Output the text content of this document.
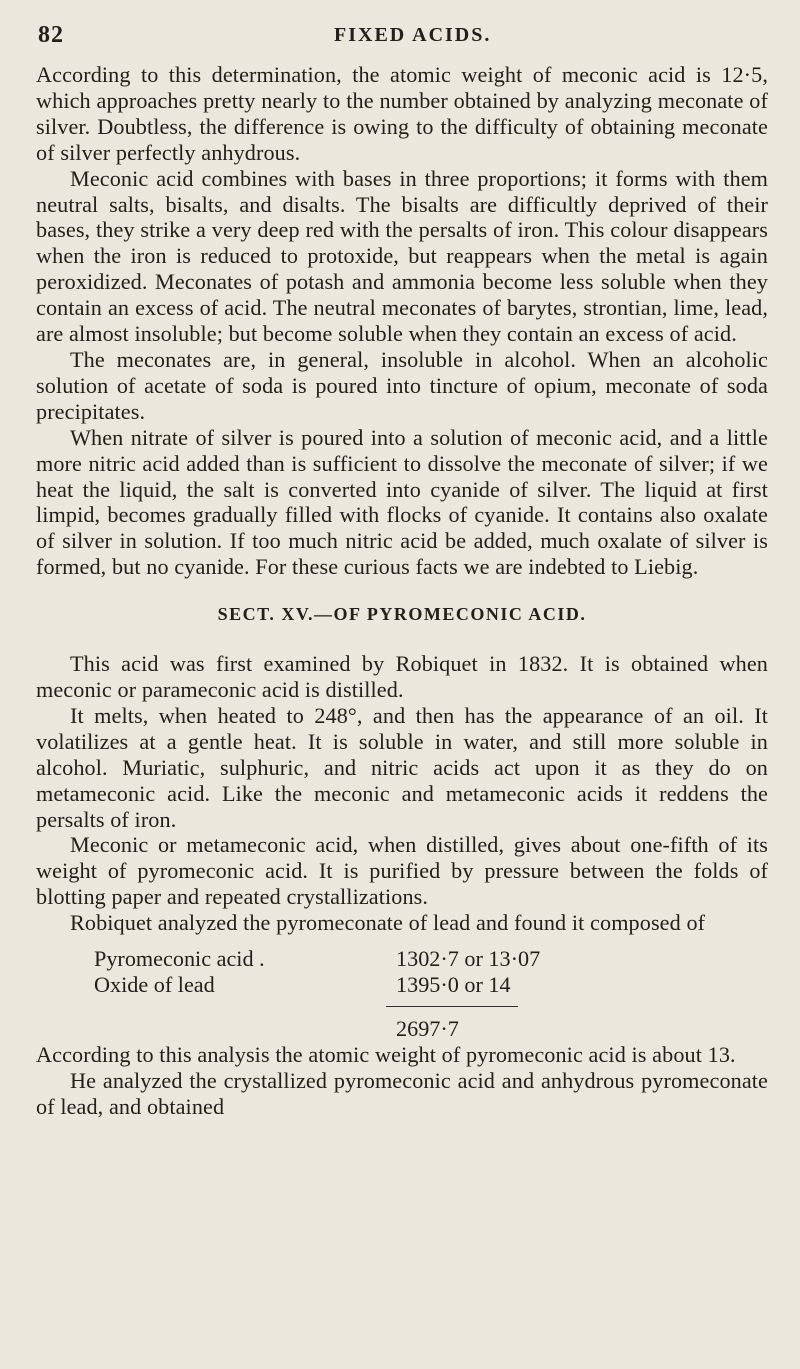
82	FIXED ACIDS.

According to this determination, the atomic weight of meconic acid is 12·5, which approaches pretty nearly to the number obtained by analyzing meconate of silver. Doubtless, the difference is owing to the difficulty of obtaining meconate of silver perfectly anhydrous.

Meconic acid combines with bases in three proportions; it forms with them neutral salts, bisalts, and disalts. The bisalts are difficultly deprived of their bases, they strike a very deep red with the persalts of iron. This colour disappears when the iron is reduced to protoxide, but reappears when the metal is again peroxidized. Meconates of potash and ammonia become less soluble when they contain an excess of acid. The neutral meconates of barytes, strontian, lime, lead, are almost insoluble; but become soluble when they contain an excess of acid.

The meconates are, in general, insoluble in alcohol. When an alcoholic solution of acetate of soda is poured into tincture of opium, meconate of soda precipitates.

When nitrate of silver is poured into a solution of meconic acid, and a little more nitric acid added than is sufficient to dissolve the meconate of silver; if we heat the liquid, the salt is converted into cyanide of silver. The liquid at first limpid, becomes gradually filled with flocks of cyanide. It contains also oxalate of silver in solution. If too much nitric acid be added, much oxalate of silver is formed, but no cyanide. For these curious facts we are indebted to Liebig.

SECT. XV.—OF PYROMECONIC ACID.

This acid was first examined by Robiquet in 1832. It is obtained when meconic or parameconic acid is distilled.

It melts, when heated to 248°, and then has the appearance of an oil. It volatilizes at a gentle heat. It is soluble in water, and still more soluble in alcohol. Muriatic, sulphuric, and nitric acids act upon it as they do on metameconic acid. Like the meconic and metameconic acids it reddens the persalts of iron.

Meconic or metameconic acid, when distilled, gives about one-fifth of its weight of pyromeconic acid. It is purified by pressure between the folds of blotting paper and repeated crystallizations.

Robiquet analyzed the pyromeconate of lead and found it composed of

Pyromeconic acid .	1302·7 or 13·07
Oxide of lead	1395·0 or 14
2697·7

According to this analysis the atomic weight of pyromeconic acid is about 13.

He analyzed the crystallized pyromeconic acid and anhydrous pyromeconate of lead, and obtained
